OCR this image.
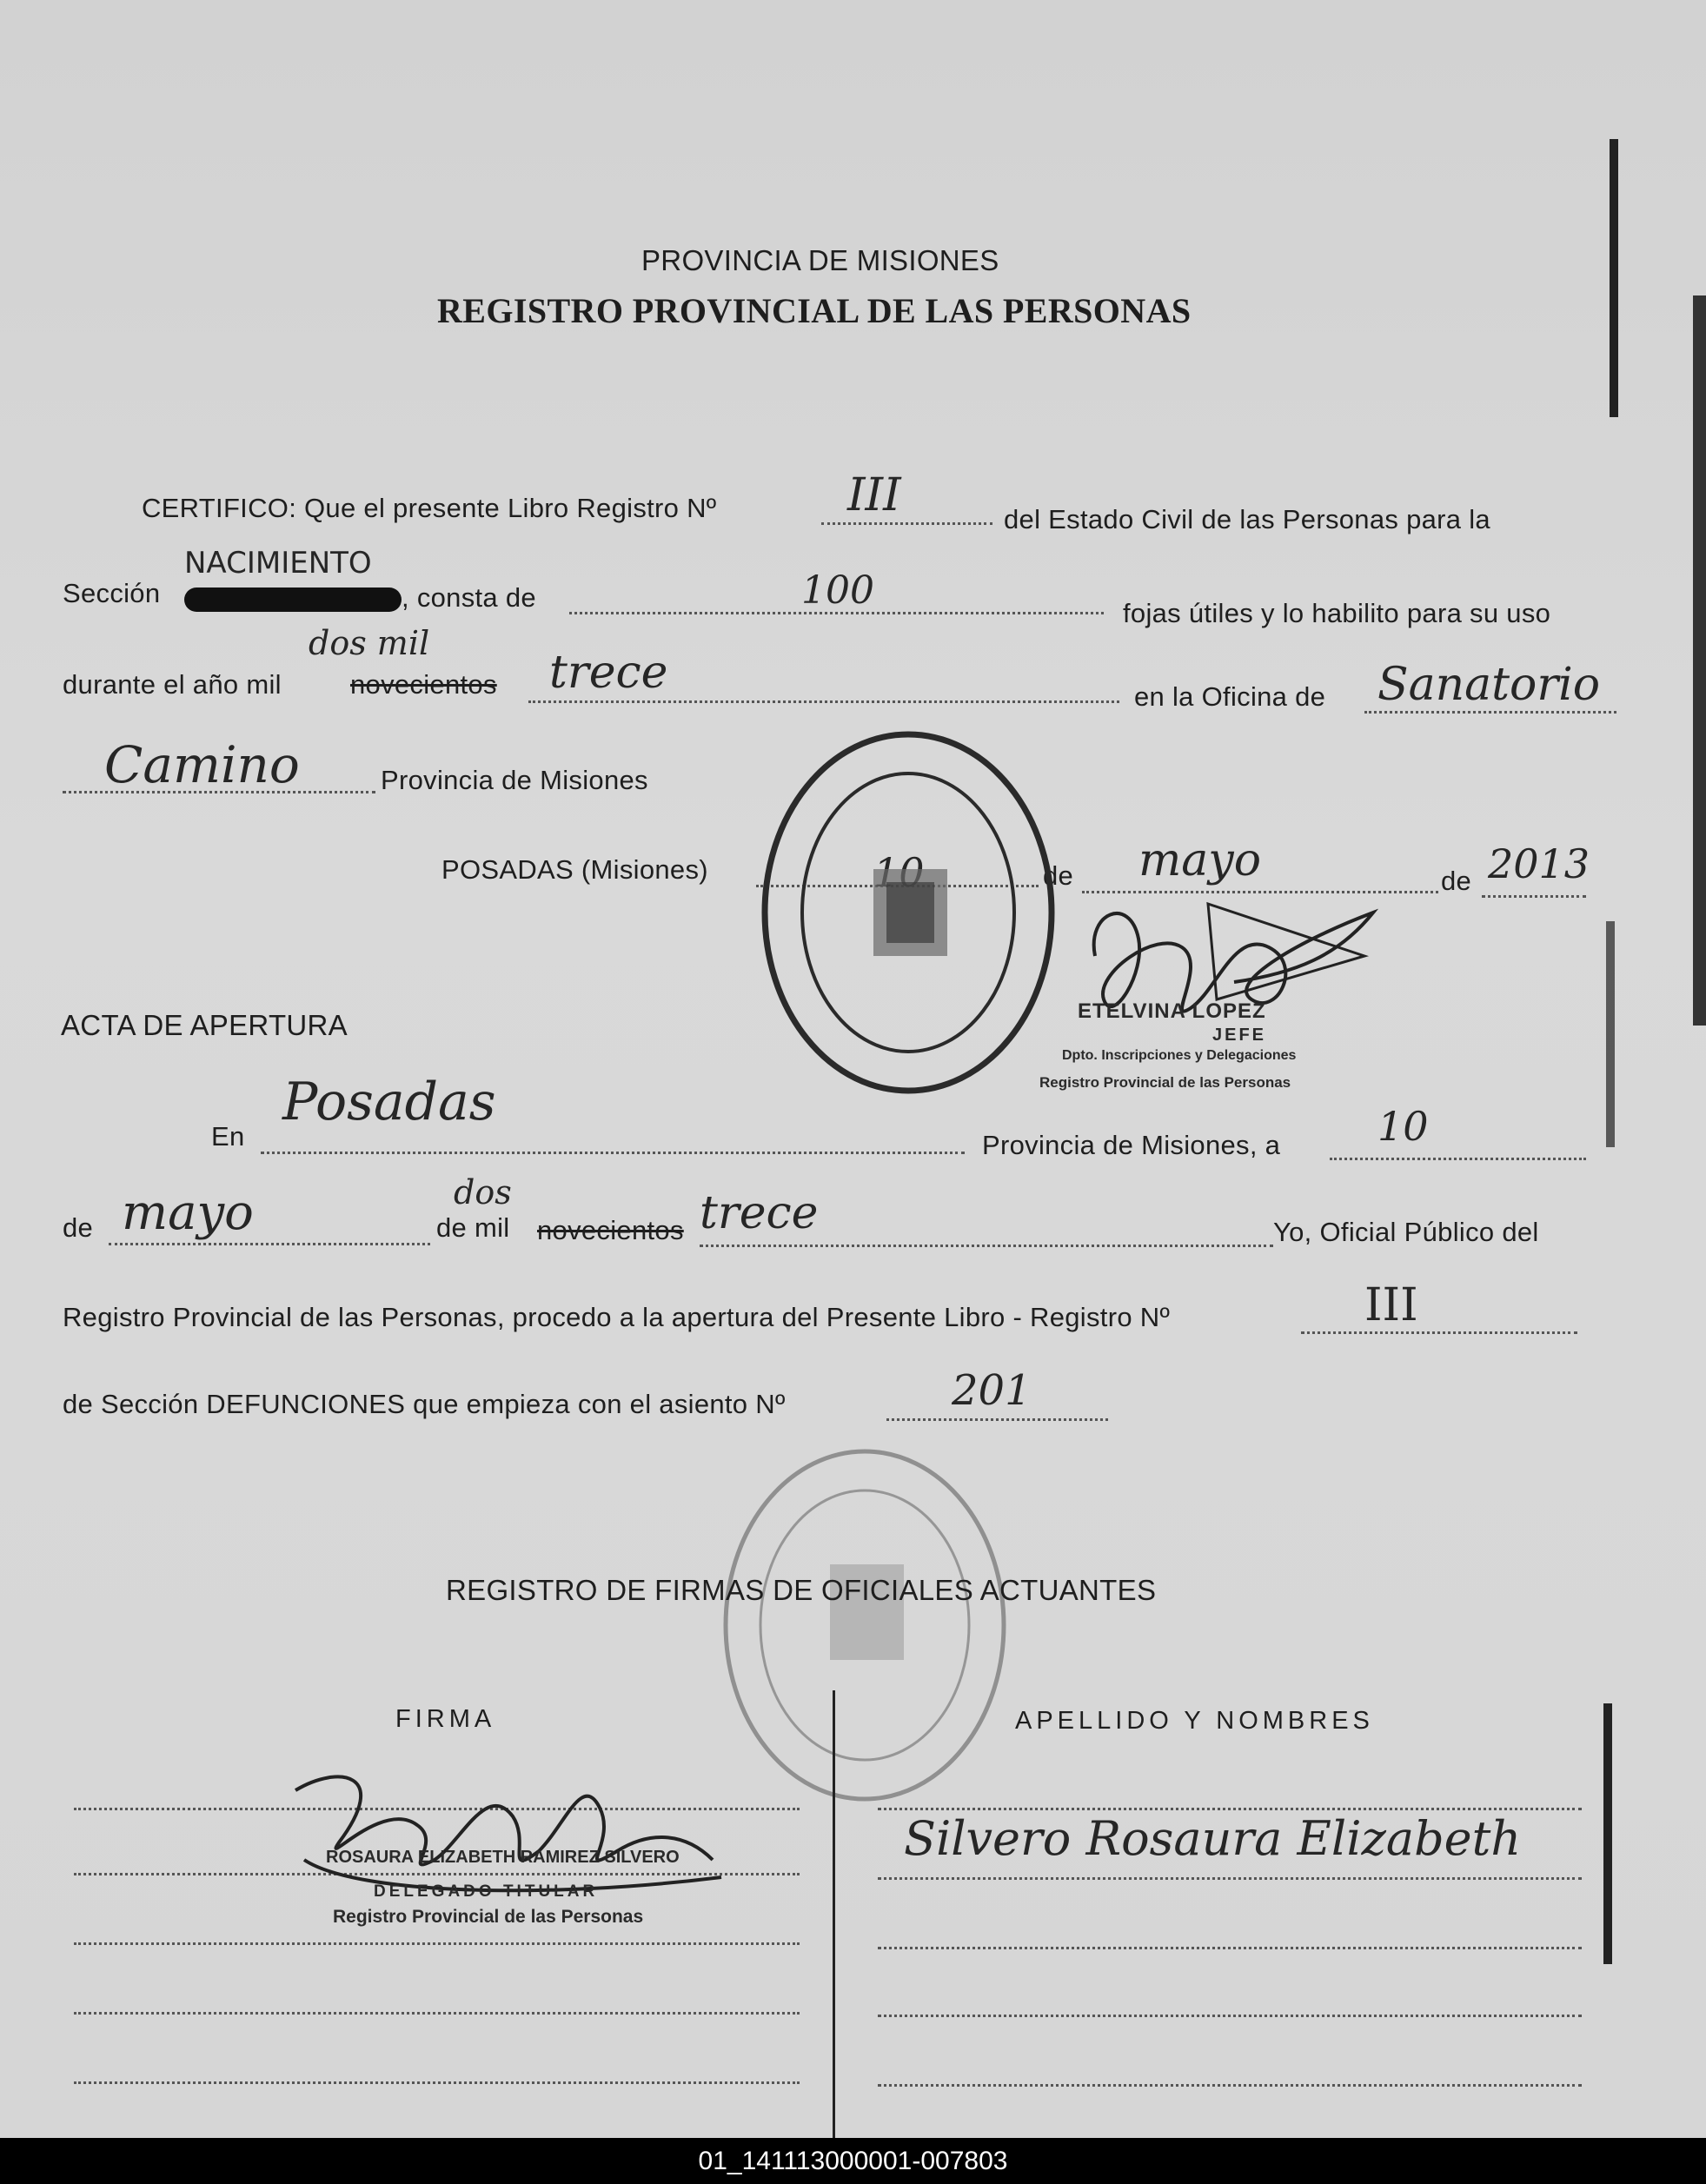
PROVINCIA DE MISIONES
REGISTRO PROVINCIAL DE LAS PERSONAS
CERTIFICO: Que el presente Libro Registro Nº	III	del Estado Civil de las Personas para la
Sección
NACIMIENTO
, consta de	100
fojas útiles y lo habilito para su uso
dos mil
durante el año mil	novecientos trece	en la Oficina de Sanatorio
Camino	Provincia de Misiones
POSADAS (Misiones)	de mayo	de 2013
ETELVINA LOPEZ
JEFE
Dpto. Inscripciones y Delegaciones
Registro Provincial de las Personas
ACTA DE APERTURA
En
Posadas
Provincia de Misiones, a 10
de mayo	dos
de mil novecientos trece	Yo, Oficial Público del
Registro Provincial de las Personas, procedo a la apertura del Presente Libro - Registro Nº	III
de Sección DEFUNCIONES que empieza con el asiento Nº	201
REGISTRO DE FIRMAS DE OFICIALES ACTUANTES
FIRMA	APELLIDO Y NOMBRES
ROSAURA ELIZABETH RAMIREZ SILVERO
DELEGADO TITULAR
Registro Provincial de las Personas
Silvero Rosaura Elizabeth
01_141113000001-007803
